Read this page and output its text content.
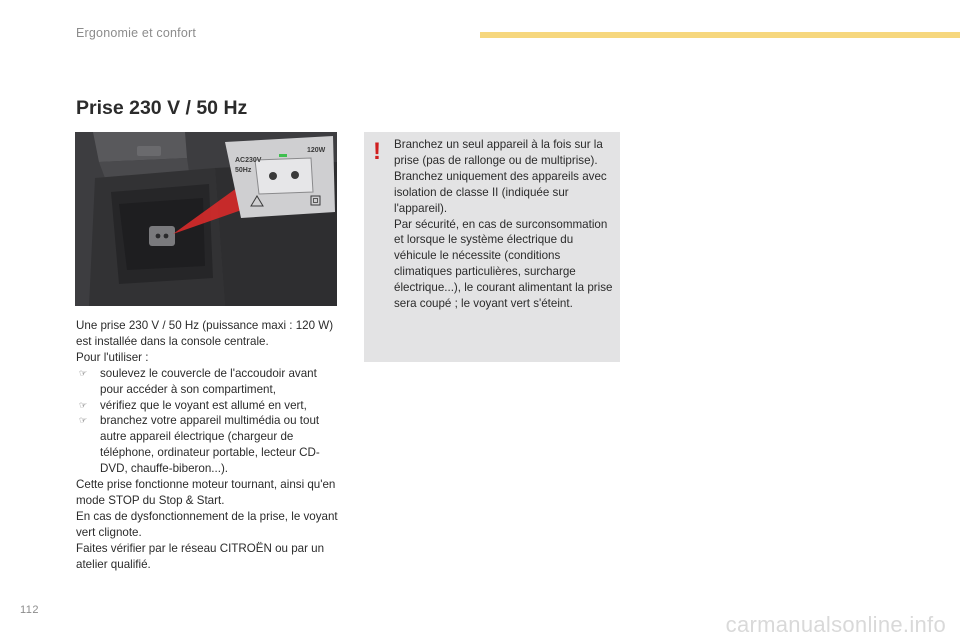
Ergonomie et confort
Prise 230 V / 50 Hz
AC230V
50Hz
120W

Une prise 230 V / 50 Hz (puissance maxi : 120 W) est installée dans la console centrale.

Pour l'utiliser :

☞ soulevez le couvercle de l'accoudoir avant pour accéder à son compartiment,
☞ vérifiez que le voyant est allumé en vert,
☞ branchez votre appareil multimédia ou tout autre appareil électrique (chargeur de téléphone, ordinateur portable, lecteur CD-DVD, chauffe-biberon...).

Cette prise fonctionne moteur tournant, ainsi qu'en mode STOP du Stop & Start.

En cas de dysfonctionnement de la prise, le voyant vert clignote.

Faites vérifier par le réseau CITROËN ou par un atelier qualifié.

!	Branchez un seul appareil à la fois sur la prise (pas de rallonge ou de multiprise).

Branchez uniquement des appareils avec isolation de classe II (indiquée sur l'appareil).

Par sécurité, en cas de surconsommation et lorsque le système électrique du véhicule le nécessite (conditions climatiques particulières, surcharge électrique...), le courant alimentant la prise sera coupé ; le voyant vert s'éteint.

112
carmanualsonline.info
